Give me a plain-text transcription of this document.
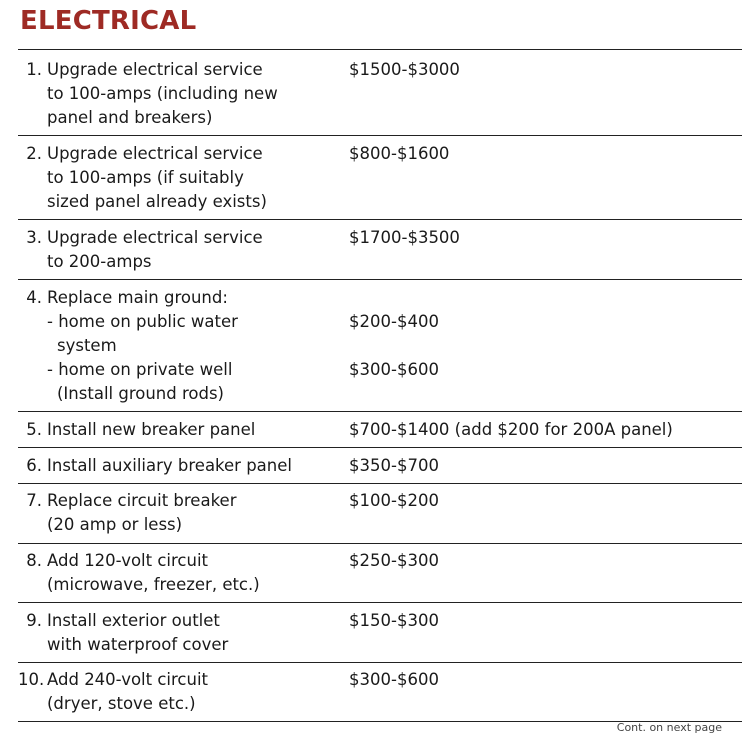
ELECTRICAL
1. Upgrade electrical service	$1500-$3000
to 100-amps (including new
panel and breakers)
2. Upgrade electrical service	$800-$1600
to 100-amps (if suitably
sized panel already exists)
3. Upgrade electrical service	$1700-$3500
to 200-amps
4. Replace main ground:
- home on public water	$200-$400
system
- home on private well	$300-$600
(Install ground rods)
5. Install new breaker panel	$700-$1400 (add $200 for 200A panel)
6. Install auxiliary breaker panel	$350-$700
7. Replace circuit breaker	$100-$200
(20 amp or less)
8. Add 120-volt circuit	$250-$300
(microwave, freezer, etc.)
9. Install exterior outlet	$150-$300
with waterproof cover
10. Add 240-volt circuit	$300-$600
(dryer, stove etc.)
Cont. on next page
